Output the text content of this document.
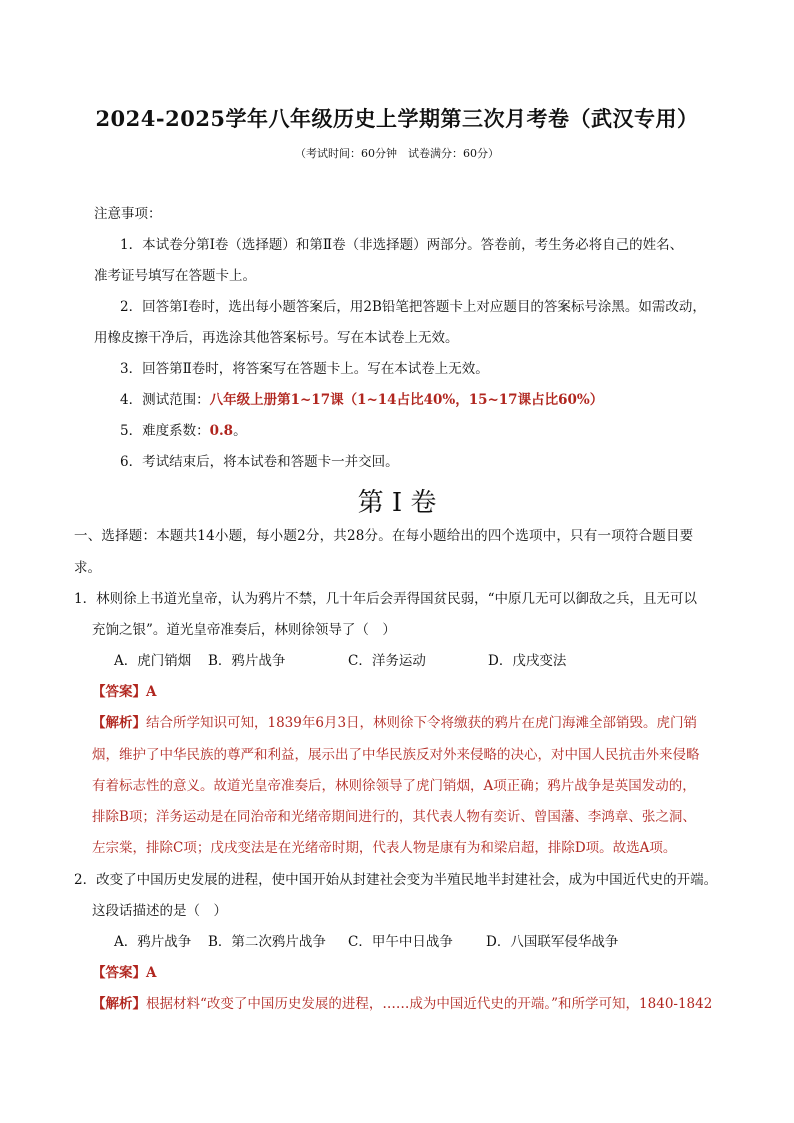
2024-2025学年八年级历史上学期第三次月考卷（武汉专用）
（考试时间：60分钟　试卷满分：60分）
注意事项：
1．本试卷分第Ⅰ卷（选择题）和第Ⅱ卷（非选择题）两部分。答卷前，考生务必将自己的姓名、
准考证号填写在答题卡上。
2．回答第Ⅰ卷时，选出每小题答案后，用2B铅笔把答题卡上对应题目的答案标号涂黑。如需改动，
用橡皮擦干净后，再选涂其他答案标号。写在本试卷上无效。
3．回答第Ⅱ卷时，将答案写在答题卡上。写在本试卷上无效。
4．测试范围：八年级上册第1~17课（1~14占比40%，15~17课占比60%）
5．难度系数：0.8。
6．考试结束后，将本试卷和答题卡一并交回。
第 I 卷
一、选择题：本题共14小题，每小题2分，共28分。在每小题给出的四个选项中，只有一项符合题目要
求。
1．林则徐上书道光皇帝，认为鸦片不禁，几十年后会弄得国贫民弱，“中原几无可以御敌之兵，且无可以
充饷之银”。道光皇帝准奏后，林则徐领导了（　）
A．虎门销烟 B．鸦片战争	C．洋务运动	D．戊戌变法
【答案】A
【解析】结合所学知识可知，1839年6月3日，林则徐下令将缴获的鸦片在虎门海滩全部销毁。虎门销
烟，维护了中华民族的尊严和利益，展示出了中华民族反对外来侵略的决心，对中国人民抗击外来侵略
有着标志性的意义。故道光皇帝准奏后，林则徐领导了虎门销烟，A项正确；鸦片战争是英国发动的，
排除B项；洋务运动是在同治帝和光绪帝期间进行的，其代表人物有奕䜣、曾国藩、李鸿章、张之洞、
左宗棠，排除C项；戊戌变法是在光绪帝时期，代表人物是康有为和梁启超，排除D项。故选A项。
2．改变了中国历史发展的进程，使中国开始从封建社会变为半殖民地半封建社会，成为中国近代史的开端。
这段话描述的是（　）
A．鸦片战争 B．第二次鸦片战争 C．甲午中日战争 D．八国联军侵华战争
【答案】A
【解析】根据材料“改变了中国历史发展的进程，……成为中国近代史的开端。”和所学可知，1840-1842
